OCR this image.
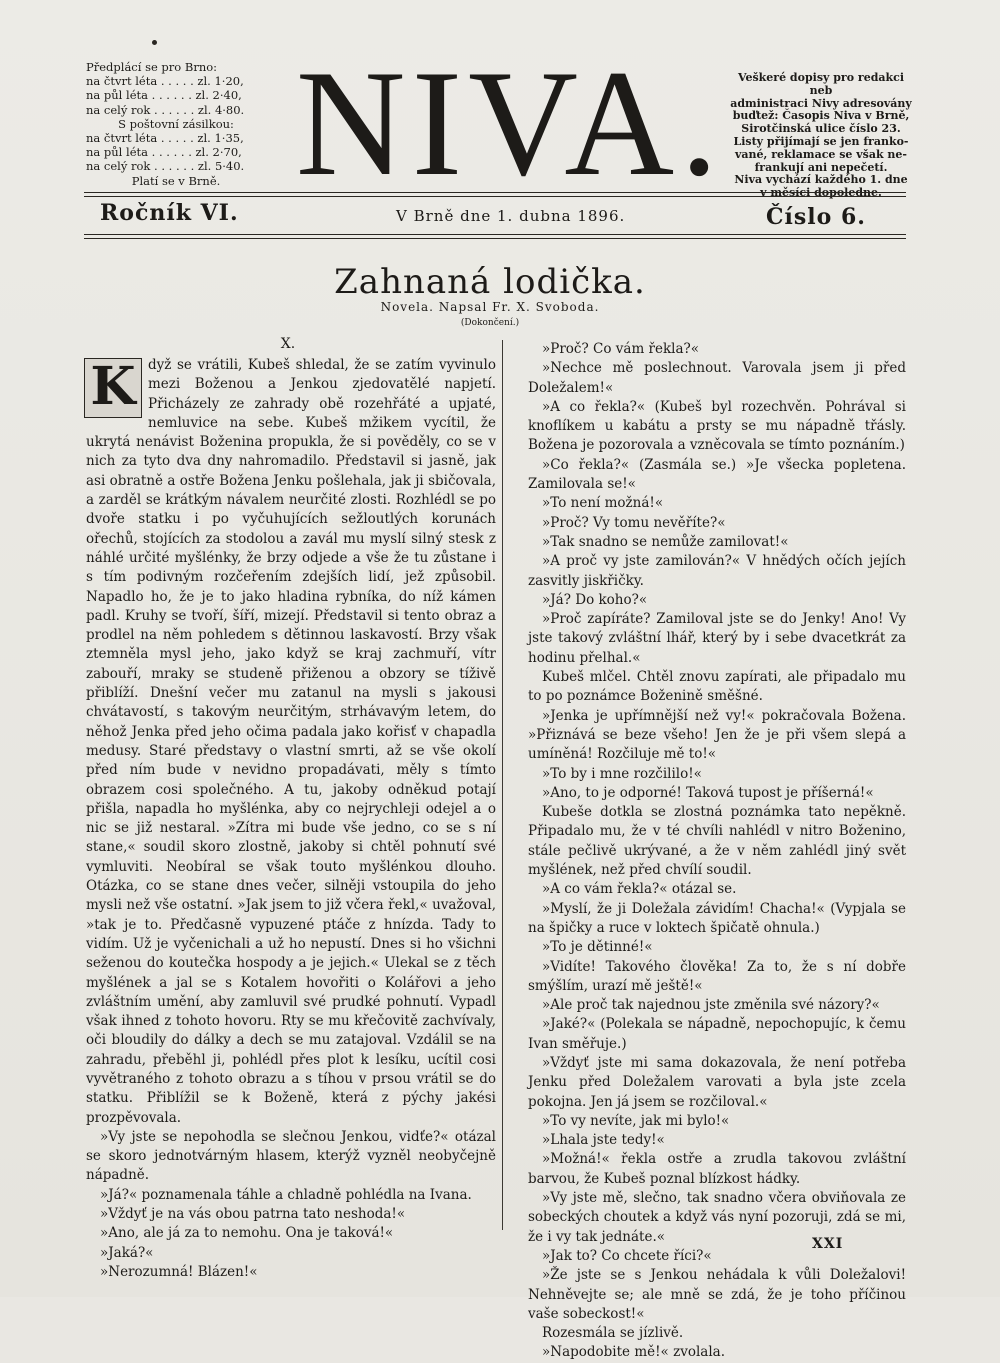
Předplácí se pro Brno:
na čtvrt léta . . . . . zl. 1·20,
na půl léta . . . . . . zl. 2·40,
na celý rok . . . . . . zl. 4·80.
S poštovní zásilkou:
na čtvrt léta . . . . . zl. 1·35,
na půl léta . . . . . . zl. 2·70,
na celý rok . . . . . . zl. 5·40.
Platí se v Brně. NIVA.	Veškeré dopisy pro redakci neb
administraci Nivy adresovány
buďtež: Časopis Niva v Brně,
Sirotčinská ulice číslo 23.
Listy přijímají se jen franko-
vané, reklamace se však ne-
frankují ani nepečetí.
Niva vychází každého 1. dne
v měsíci dopoledne.
Ročník VI.	V Brně dne 1. dubna 1896.	Číslo 6.
Zahnaná lodička.
Novela. Napsal Fr. X. Svoboda.
(Dokončení.)
X.

K dyž se vrátili, Kubeš shledal, že se zatím vyvinulo mezi Boženou a Jenkou zjedovatělé napjetí. Přicházely ze zahrady obě rozehřáté a upjaté, nemluvice na sebe. Kubeš mžikem vycítil, že ukrytá nenávist Boženina propukla, že si pověděly, co se v nich za tyto dva dny nahromadilo. Představil si jasně, jak asi obratně a ostře Božena Jenku pošlehala, jak ji sbičovala, a zarděl se krátkým návalem neurčité zlosti. Rozhlédl se po dvoře statku i po vyčuhujících sežloutlých korunách ořechů, stojících za stodolou a zavál mu myslí silný stesk z náhlé určité myšlénky, že brzy odjede a vše že tu zůstane i s tím podivným rozčeřením zdejších lidí, jež způsobil. Napadlo ho, že je to jako hladina rybníka, do níž kámen padl. Kruhy se tvoří, šíří, mizejí. Představil si tento obraz a prodlel na něm pohledem s dětinnou laskavostí. Brzy však ztemněla mysl jeho, jako když se kraj zachmuří, vítr zabouří, mraky se studeně přiženou a obzory se tíživě přiblíží. Dnešní večer mu zatanul na mysli s jakousi chvátavostí, s takovým neurčitým, strhávavým letem, do něhož Jenka před jeho očima padala jako kořisť v chapadla medusy. Staré představy o vlastní smrti, až se vše okolí před ním bude v nevidno propadávati, měly s tímto obrazem cosi společného. A tu, jakoby odněkud potají přišla, napadla ho myšlénka, aby co nejrychleji odejel a o nic se již nestaral. »Zítra mi bude vše jedno, co se s ní stane,« soudil skoro zlostně, jakoby si chtěl pohnutí své vymluviti. Neobíral se však touto myšlénkou dlouho. Otázka, co se stane dnes večer, silněji vstoupila do jeho mysli než vše ostatní. »Jak jsem to již včera řekl,« uvažoval, »tak je to. Předčasně vypuzené ptáče z hnízda. Tady to vidím. Už je vyčenichali a už ho nepustí. Dnes si ho všichni seženou do koutečka hospody a je jejich.« Ulekal se z těch myšlének a jal se s Kotalem hovořiti o Kolářovi a jeho zvláštním umění, aby zamluvil své prudké pohnutí. Vypadl však ihned z tohoto hovoru. Rty se mu křečovitě zachvívaly, oči bloudily do dálky a dech se mu zatajoval. Vzdálil se na zahradu, přeběhl ji, pohlédl přes plot k lesíku, ucítil cosi vyvětraného z tohoto obrazu a s tíhou v prsou vrátil se do statku. Přiblížil se k Boženě, která z pýchy jakési prozpěvovala.

»Vy jste se nepohodla se slečnou Jenkou, vidťe?« otázal se skoro jednotvárným hlasem, kterýž vyzněl neobyčejně nápadně.

»Já?« poznamenala táhle a chladně pohlédla na Ivana.

»Vždyť je na vás obou patrna tato neshoda!«

»Ano, ale já za to nemohu. Ona je taková!«

»Jaká?«

»Nerozumná! Blázen!«

»Proč? Co vám řekla?«

»Nechce mě poslechnout. Varovala jsem ji před Doležalem!«

»A co řekla?« (Kubeš byl rozechvěn. Pohrával si knoflíkem u kabátu a prsty se mu nápadně třásly. Božena je pozorovala a vzněcovala se tímto poznáním.)

»Co řekla?« (Zasmála se.) »Je všecka popletena. Zamilovala se!«

»To není možná!«

»Proč? Vy tomu nevěříte?«

»Tak snadno se nemůže zamilovat!«

»A proč vy jste zamilován?« V hnědých očích jejích zasvitly jiskřičky.

»Já? Do koho?«

»Proč zapíráte? Zamiloval jste se do Jenky! Ano! Vy jste takový zvláštní lhář, který by i sebe dvacetkrát za hodinu přelhal.«

Kubeš mlčel. Chtěl znovu zapírati, ale připadalo mu to po poznámce Boženině směšné.

»Jenka je upřímnější než vy!« pokračovala Božena. »Přiznává se beze všeho! Jen že je při všem slepá a umíněná! Rozčiluje mě to!«

»To by i mne rozčililo!«

»Ano, to je odporné! Taková tupost je příšerná!«

Kubeše dotkla se zlostná poznámka tato nepěkně. Připadalo mu, že v té chvíli nahlédl v nitro Boženino, stále pečlivě ukrývané, a že v něm zahlédl jiný svět myšlének, než před chvílí soudil.

»A co vám řekla?« otázal se.

»Myslí, že ji Doležala závidím! Chacha!« (Vypjala se na špičky a ruce v loktech špičatě ohnula.)

»To je dětinné!«

»Vidíte! Takového člověka! Za to, že s ní dobře smýšlím, urazí mě ještě!«

»Ale proč tak najednou jste změnila své názory?«

»Jaké?« (Polekala se nápadně, nepochopujíc, k čemu Ivan směřuje.)

»Vždyť jste mi sama dokazovala, že není potřeba Jenku před Doležalem varovati a byla jste zcela pokojna. Jen já jsem se rozčiloval.«

»To vy nevíte, jak mi bylo!«

»Lhala jste tedy!«

»Možná!« řekla ostře a zrudla takovou zvláštní barvou, že Kubeš poznal blízkost hádky.

»Vy jste mě, slečno, tak snadno včera obviňovala ze sobeckých choutek a když vás nyní pozoruji, zdá se mi, že i vy tak jednáte.«

»Jak to? Co chcete říci?«

»Že jste se s Jenkou nehádala k vůli Doležalovi! Nehněvejte se; ale mně se zdá, že je toho příčinou vaše sobeckost!«

Rozesmála se jízlivě.

»Napodobite mě!« zvolala.

XXI
